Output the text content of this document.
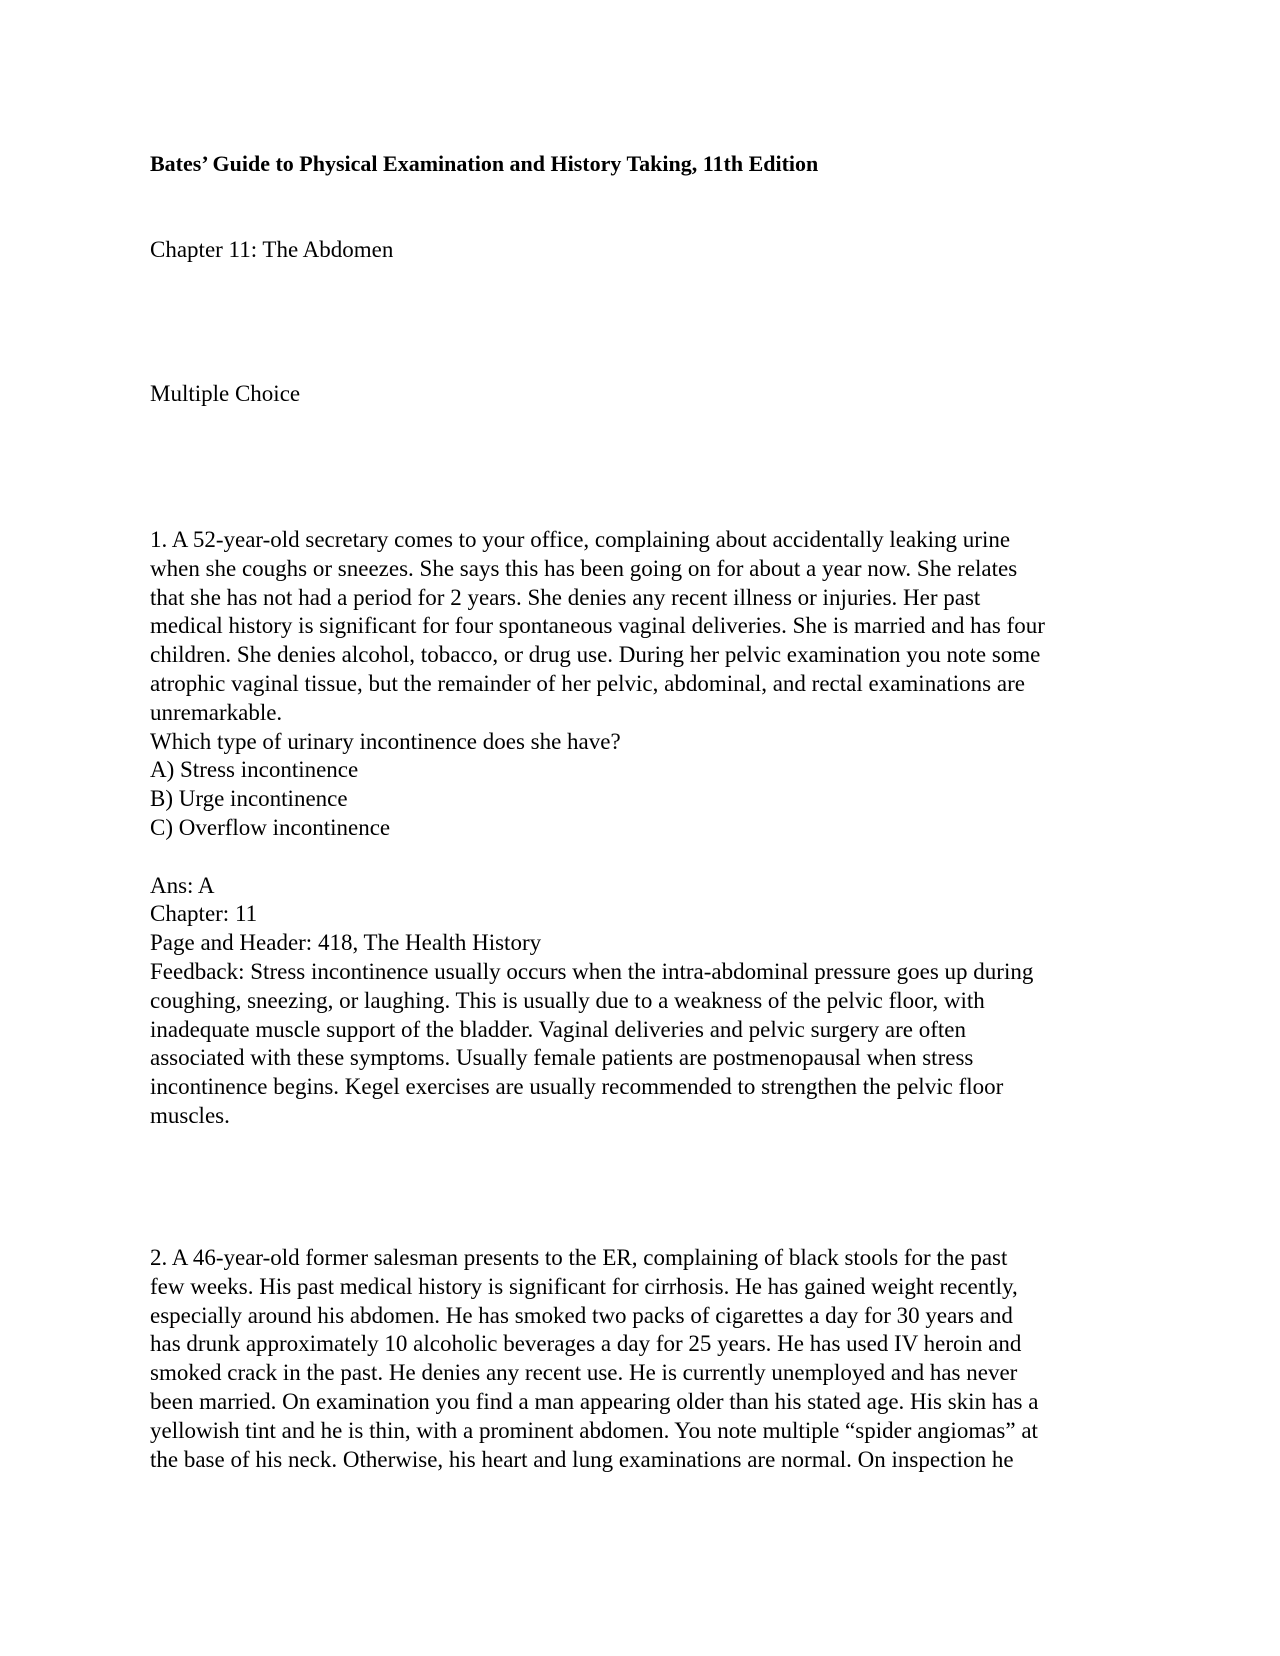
Bates’ Guide to Physical Examination and History Taking, 11th Edition
Chapter 11: The Abdomen
Multiple Choice
1. A 52-year-old secretary comes to your office, complaining about accidentally leaking urine
when she coughs or sneezes. She says this has been going on for about a year now. She relates
that she has not had a period for 2 years. She denies any recent illness or injuries. Her past
medical history is significant for four spontaneous vaginal deliveries. She is married and has four
children. She denies alcohol, tobacco, or drug use. During her pelvic examination you note some
atrophic vaginal tissue, but the remainder of her pelvic, abdominal, and rectal examinations are
unremarkable.
Which type of urinary incontinence does she have?
A) Stress incontinence
B) Urge incontinence
C) Overflow incontinence
Ans: A
Chapter: 11
Page and Header: 418, The Health History
Feedback: Stress incontinence usually occurs when the intra-abdominal pressure goes up during
coughing, sneezing, or laughing. This is usually due to a weakness of the pelvic floor, with
inadequate muscle support of the bladder. Vaginal deliveries and pelvic surgery are often
associated with these symptoms. Usually female patients are postmenopausal when stress
incontinence begins. Kegel exercises are usually recommended to strengthen the pelvic floor
muscles.
2. A 46-year-old former salesman presents to the ER, complaining of black stools for the past
few weeks. His past medical history is significant for cirrhosis. He has gained weight recently,
especially around his abdomen. He has smoked two packs of cigarettes a day for 30 years and
has drunk approximately 10 alcoholic beverages a day for 25 years. He has used IV heroin and
smoked crack in the past. He denies any recent use. He is currently unemployed and has never
been married. On examination you find a man appearing older than his stated age. His skin has a
yellowish tint and he is thin, with a prominent abdomen. You note multiple “spider angiomas” at
the base of his neck. Otherwise, his heart and lung examinations are normal. On inspection he
